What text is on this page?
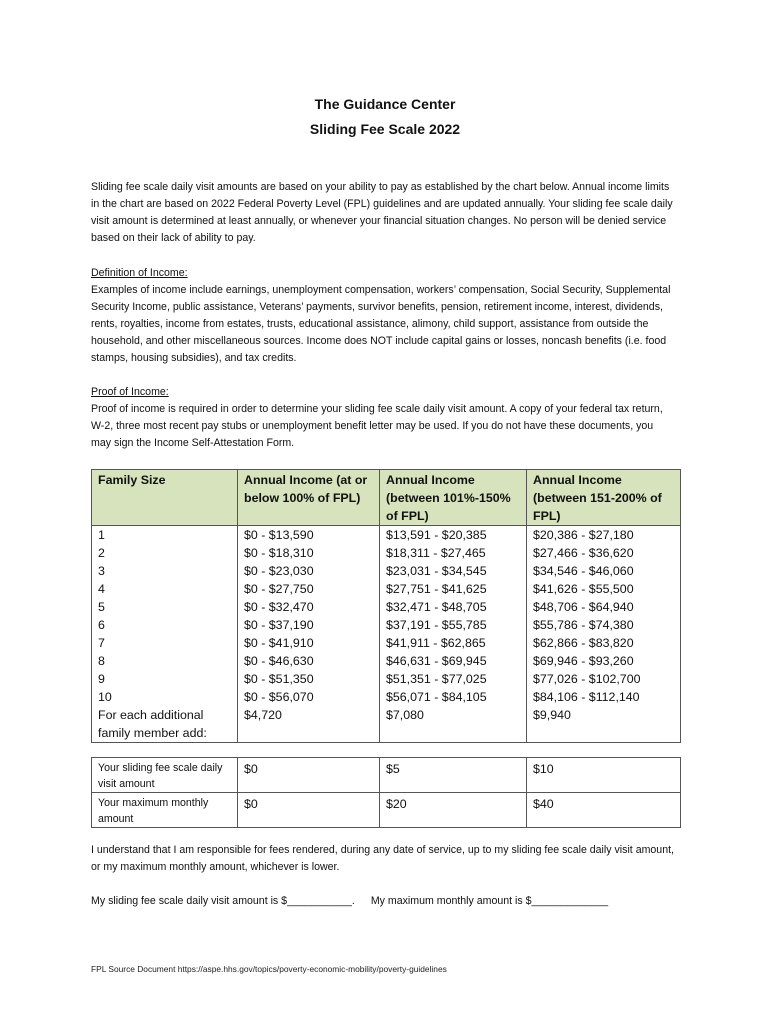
The Guidance Center
Sliding Fee Scale 2022
Sliding fee scale daily visit amounts are based on your ability to pay as established by the chart below. Annual income limits in the chart are based on 2022 Federal Poverty Level (FPL) guidelines and are updated annually. Your sliding fee scale daily visit amount is determined at least annually, or whenever your financial situation changes. No person will be denied service based on their lack of ability to pay.
Definition of Income:
Examples of income include earnings, unemployment compensation, workers’ compensation, Social Security, Supplemental Security Income, public assistance, Veterans’ payments, survivor benefits, pension, retirement income, interest, dividends, rents, royalties, income from estates, trusts, educational assistance, alimony, child support, assistance from outside the household, and other miscellaneous sources. Income does NOT include capital gains or losses, noncash benefits (i.e. food stamps, housing subsidies), and tax credits.
Proof of Income:
Proof of income is required in order to determine your sliding fee scale daily visit amount. A copy of your federal tax return, W-2, three most recent pay stubs or unemployment benefit letter may be used. If you do not have these documents, you may sign the Income Self-Attestation Form.
Family Size	Annual Income (at or below 100% of FPL)	Annual Income (between 101%-150% of FPL)	Annual Income (between 151-200% of FPL)
1	$0 - $13,590	$13,591 - $20,385	$20,386 - $27,180
2	$0 - $18,310	$18,311 - $27,465	$27,466 - $36,620
3	$0 - $23,030	$23,031 - $34,545	$34,546 - $46,060
4	$0 - $27,750	$27,751 - $41,625	$41,626 - $55,500
5	$0 - $32,470	$32,471 - $48,705	$48,706 - $64,940
6	$0 - $37,190	$37,191 - $55,785	$55,786 - $74,380
7	$0 - $41,910	$41,911 - $62,865	$62,866 - $83,820
8	$0 - $46,630	$46,631 - $69,945	$69,946 - $93,260
9	$0 - $51,350	$51,351 - $77,025	$77,026 - $102,700
10	$0 - $56,070	$56,071 - $84,105	$84,106 - $112,140
For each additional family member add:	$4,720	$7,080	$9,940
Your sliding fee scale daily visit amount	$0	$5	$10
Your maximum monthly amount	$0	$20	$40
I understand that I am responsible for fees rendered, during any date of service, up to my sliding fee scale daily visit amount, or my maximum monthly amount, whichever is lower.
My sliding fee scale daily visit amount is $___________. My maximum monthly amount is $_____________
FPL Source Document https://aspe.hhs.gov/topics/poverty-economic-mobility/poverty-guidelines
